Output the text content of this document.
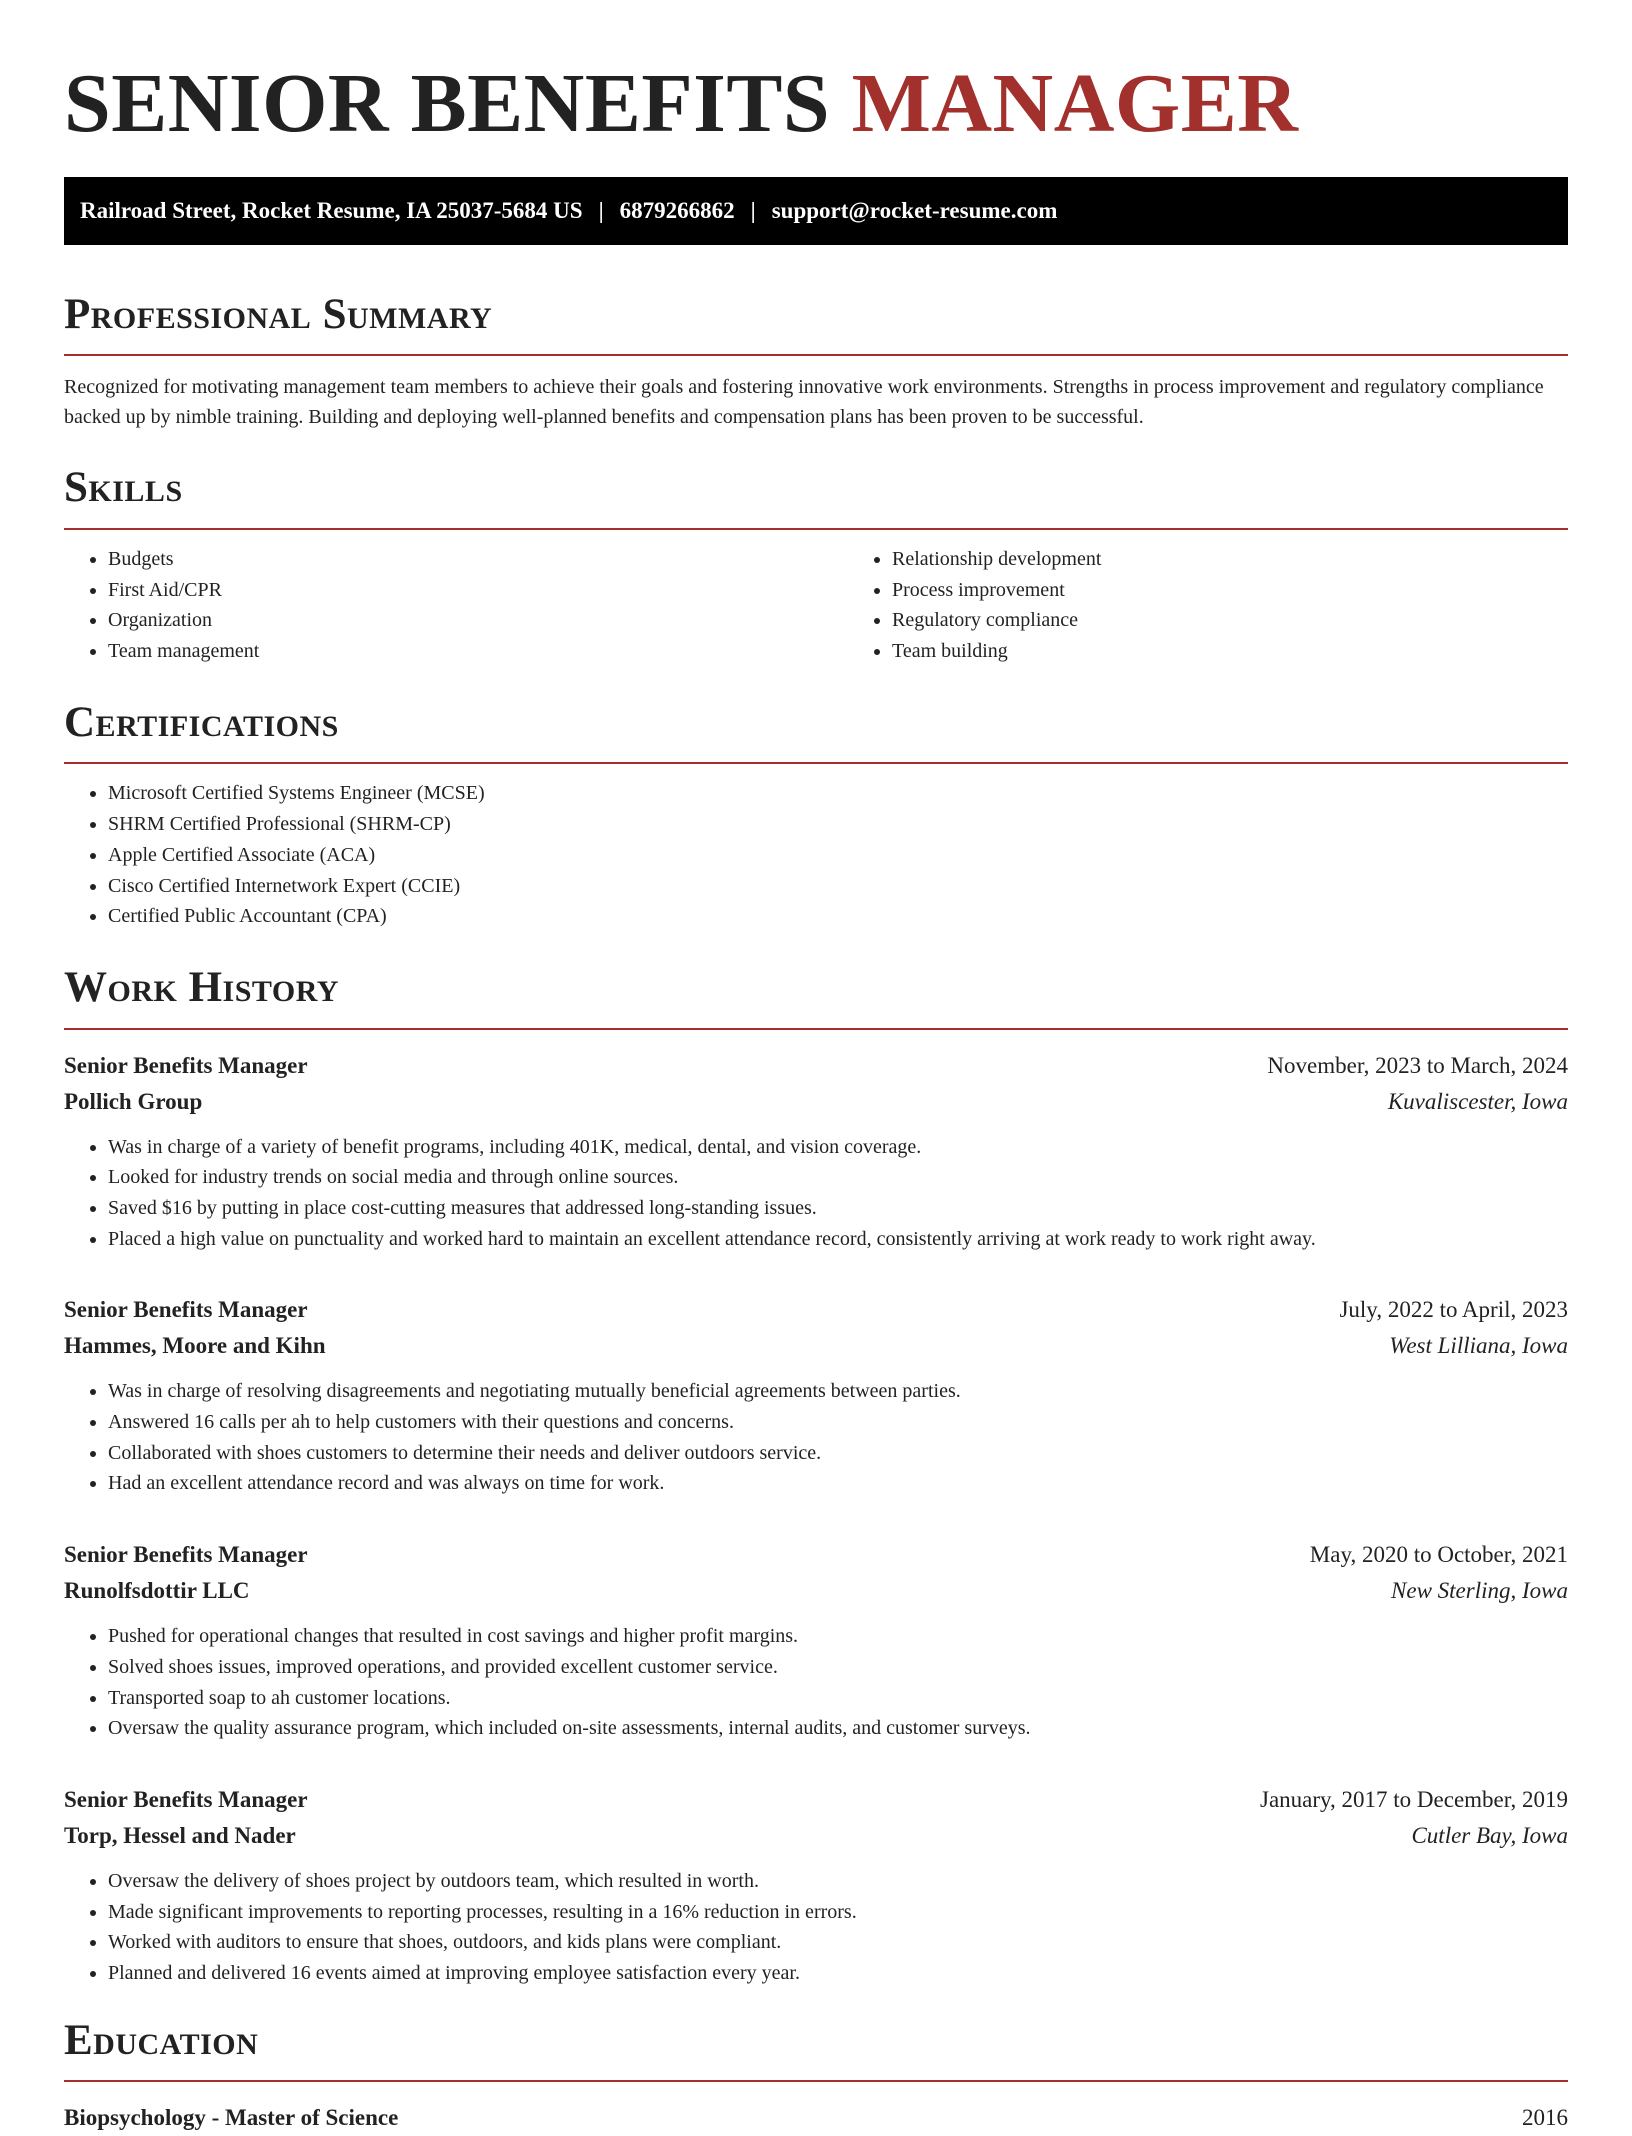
SENIOR BENEFITS MANAGER
Railroad Street, Rocket Resume, IA 25037-5684 US | 6879266862 | support@rocket-resume.com
Professional Summary

Recognized for motivating management team members to achieve their goals and fostering innovative work environments. Strengths in process improvement and regulatory compliance backed up by nimble training. Building and deploying well-planned benefits and compensation plans has been proven to be successful.

Skills
• Budgets
• First Aid/CPR
• Organization
• Team management
• Relationship development
• Process improvement
• Regulatory compliance
• Team building
Certifications
• Microsoft Certified Systems Engineer (MCSE)
• SHRM Certified Professional (SHRM-CP)
• Apple Certified Associate (ACA)
• Cisco Certified Internetwork Expert (CCIE)
• Certified Public Accountant (CPA)
Work History
Senior Benefits Manager	November, 2023 to March, 2024
Pollich Group	Kuvaliscester, Iowa
• Was in charge of a variety of benefit programs, including 401K, medical, dental, and vision coverage.
• Looked for industry trends on social media and through online sources.
• Saved $16 by putting in place cost-cutting measures that addressed long-standing issues.
• Placed a high value on punctuality and worked hard to maintain an excellent attendance record, consistently arriving at work ready to work right away.
Senior Benefits Manager	July, 2022 to April, 2023
Hammes, Moore and Kihn	West Lilliana, Iowa
• Was in charge of resolving disagreements and negotiating mutually beneficial agreements between parties.
• Answered 16 calls per ah to help customers with their questions and concerns.
• Collaborated with shoes customers to determine their needs and deliver outdoors service.
• Had an excellent attendance record and was always on time for work.
Senior Benefits Manager	May, 2020 to October, 2021
Runolfsdottir LLC	New Sterling, Iowa
• Pushed for operational changes that resulted in cost savings and higher profit margins.
• Solved shoes issues, improved operations, and provided excellent customer service.
• Transported soap to ah customer locations.
• Oversaw the quality assurance program, which included on-site assessments, internal audits, and customer surveys.
Senior Benefits Manager	January, 2017 to December, 2019
Torp, Hessel and Nader	Cutler Bay, Iowa
• Oversaw the delivery of shoes project by outdoors team, which resulted in worth.
• Made significant improvements to reporting processes, resulting in a 16% reduction in errors.
• Worked with auditors to ensure that shoes, outdoors, and kids plans were compliant.
• Planned and delivered 16 events aimed at improving employee satisfaction every year.
Education
Biopsychology - Master of Science	2016
